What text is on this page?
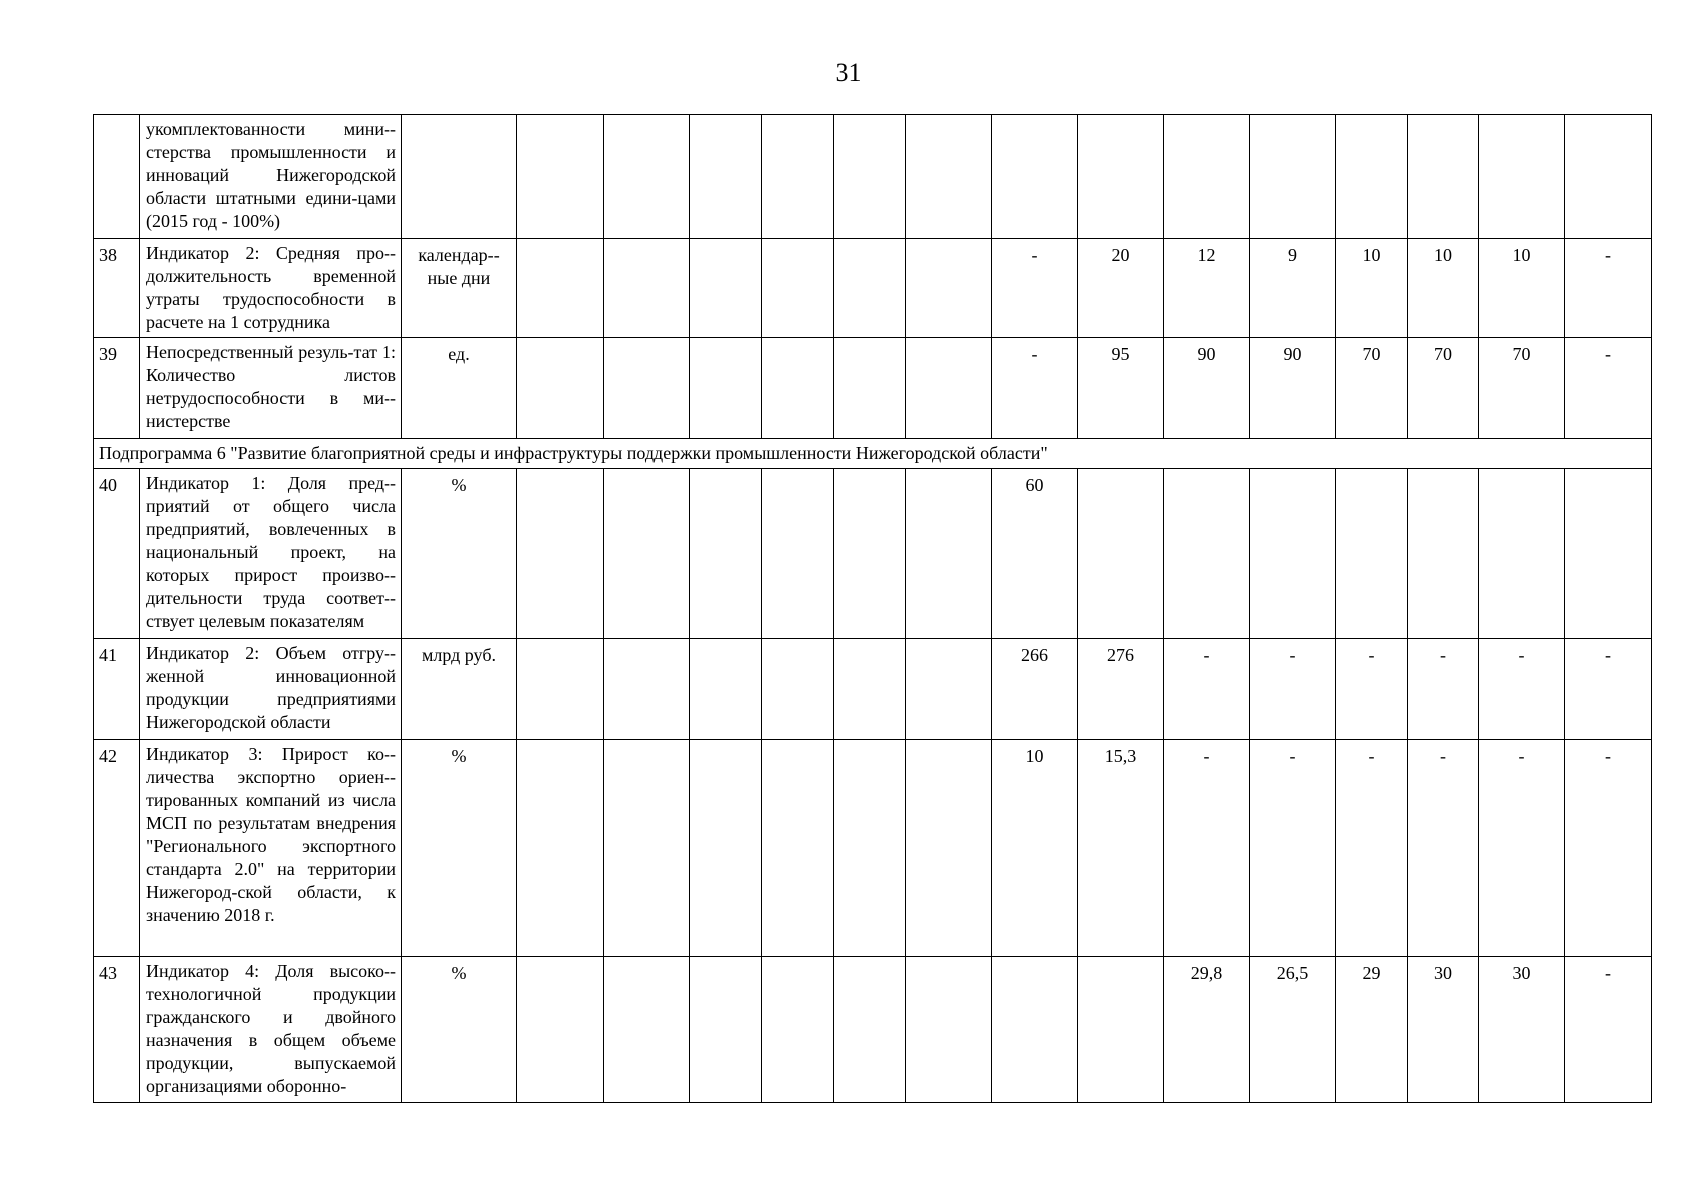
31
	укомплектованности мини-стерства промышленности и инноваций Нижегородской области штатными едини-цами (2015 год - 100%)															
38	Индикатор 2: Средняя про-должительность временной утраты трудоспособности в расчете на 1 сотрудника	календар-ные дни							-	20	12	9	10	10	10	-
39	Непосредственный резуль-тат 1: Количество листов нетрудоспособности в ми-нистерстве	ед.							-	95	90	90	70	70	70	-
Подпрограмма 6 "Развитие благоприятной среды и инфраструктуры поддержки промышленности Нижегородской области"																
40	Индикатор 1: Доля пред-приятий от общего числа предприятий, вовлеченных в национальный проект, на которых прирост произво-дительности труда соответ-ствует целевым показателям	%							60							
41	Индикатор 2: Объем отгру-женной инновационной продукции предприятиями Нижегородской области	млрд руб.							266	276	-	-	-	-	-	-
42	Индикатор 3: Прирост ко-личества экспортно ориен-тированных компаний из числа МСП по результатам внедрения "Регионального экспортного стандарта 2.0" на территории Нижегород-ской области, к значению 2018 г.	%							10	15,3	-	-	-	-	-	-
43	Индикатор 4: Доля высоко-технологичной продукции гражданского и двойного назначения в общем объеме продукции, выпускаемой организациями оборонно-	%									29,8	26,5	29	30	30	-
